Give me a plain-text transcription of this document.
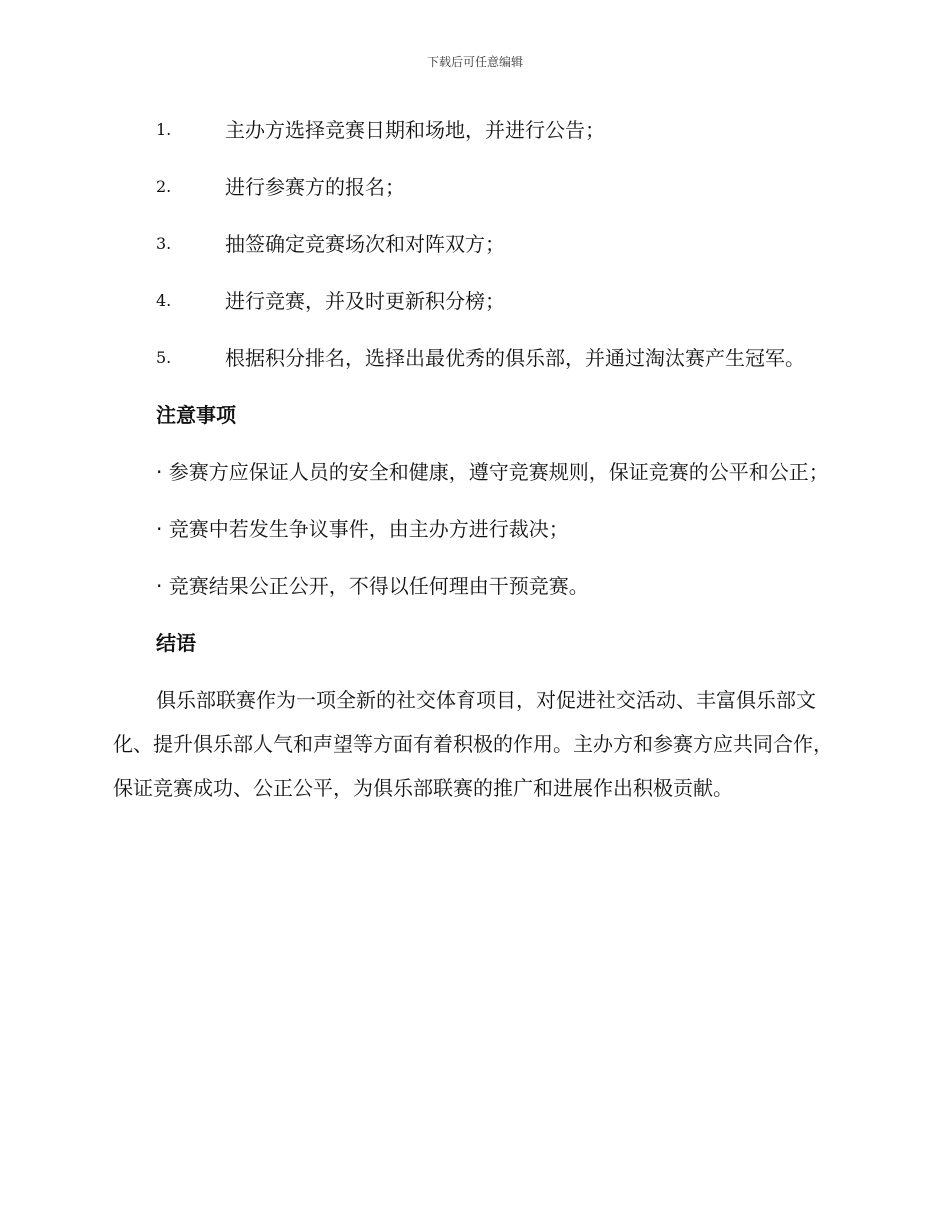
下载后可任意编辑
1.	主办方选择竞赛日期和场地，并进行公告；
2.	进行参赛方的报名；
3.	抽签确定竞赛场次和对阵双方；
4.	进行竞赛，并及时更新积分榜；
5.	根据积分排名，选择出最优秀的俱乐部，并通过淘汰赛产生冠军。
注意事项
· 参赛方应保证人员的安全和健康，遵守竞赛规则，保证竞赛的公平和公正；
· 竞赛中若发生争议事件，由主办方进行裁决；
· 竞赛结果公正公开，不得以任何理由干预竞赛。
结语
俱乐部联赛作为一项全新的社交体育项目，对促进社交活动、丰富俱乐部文化、提升俱乐部人气和声望等方面有着积极的作用。主办方和参赛方应共同合作，保证竞赛成功、公正公平，为俱乐部联赛的推广和进展作出积极贡献。
